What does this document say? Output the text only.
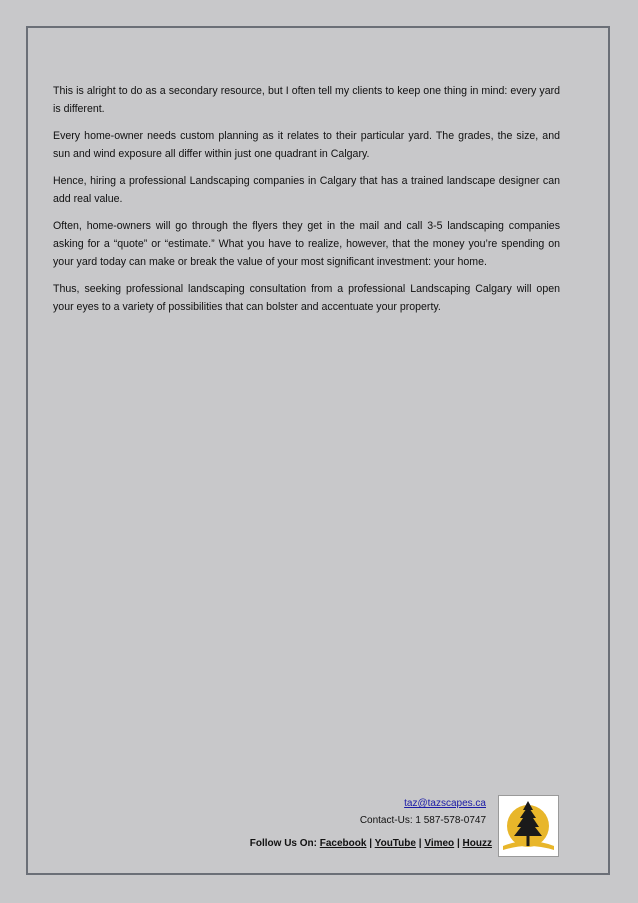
This is alright to do as a secondary resource, but I often tell my clients to keep one thing in mind: every yard is different.

Every home-owner needs custom planning as it relates to their particular yard. The grades, the size, and sun and wind exposure all differ within just one quadrant in Calgary.

Hence, hiring a professional Landscaping companies in Calgary that has a trained landscape designer can add real value.

Often, home-owners will go through the flyers they get in the mail and call 3-5 landscaping companies asking for a “quote” or “estimate.” What you have to realize, however, that the money you’re spending on your yard today can make or break the value of your most significant investment: your home.

Thus, seeking professional landscaping consultation from a professional Landscaping Calgary will open your eyes to a variety of possibilities that can bolster and accentuate your property.

taz@tazscapes.ca
Contact-Us: 1 587-578-0747
Follow Us On: Facebook | YouTube | Vimeo | Houzz
